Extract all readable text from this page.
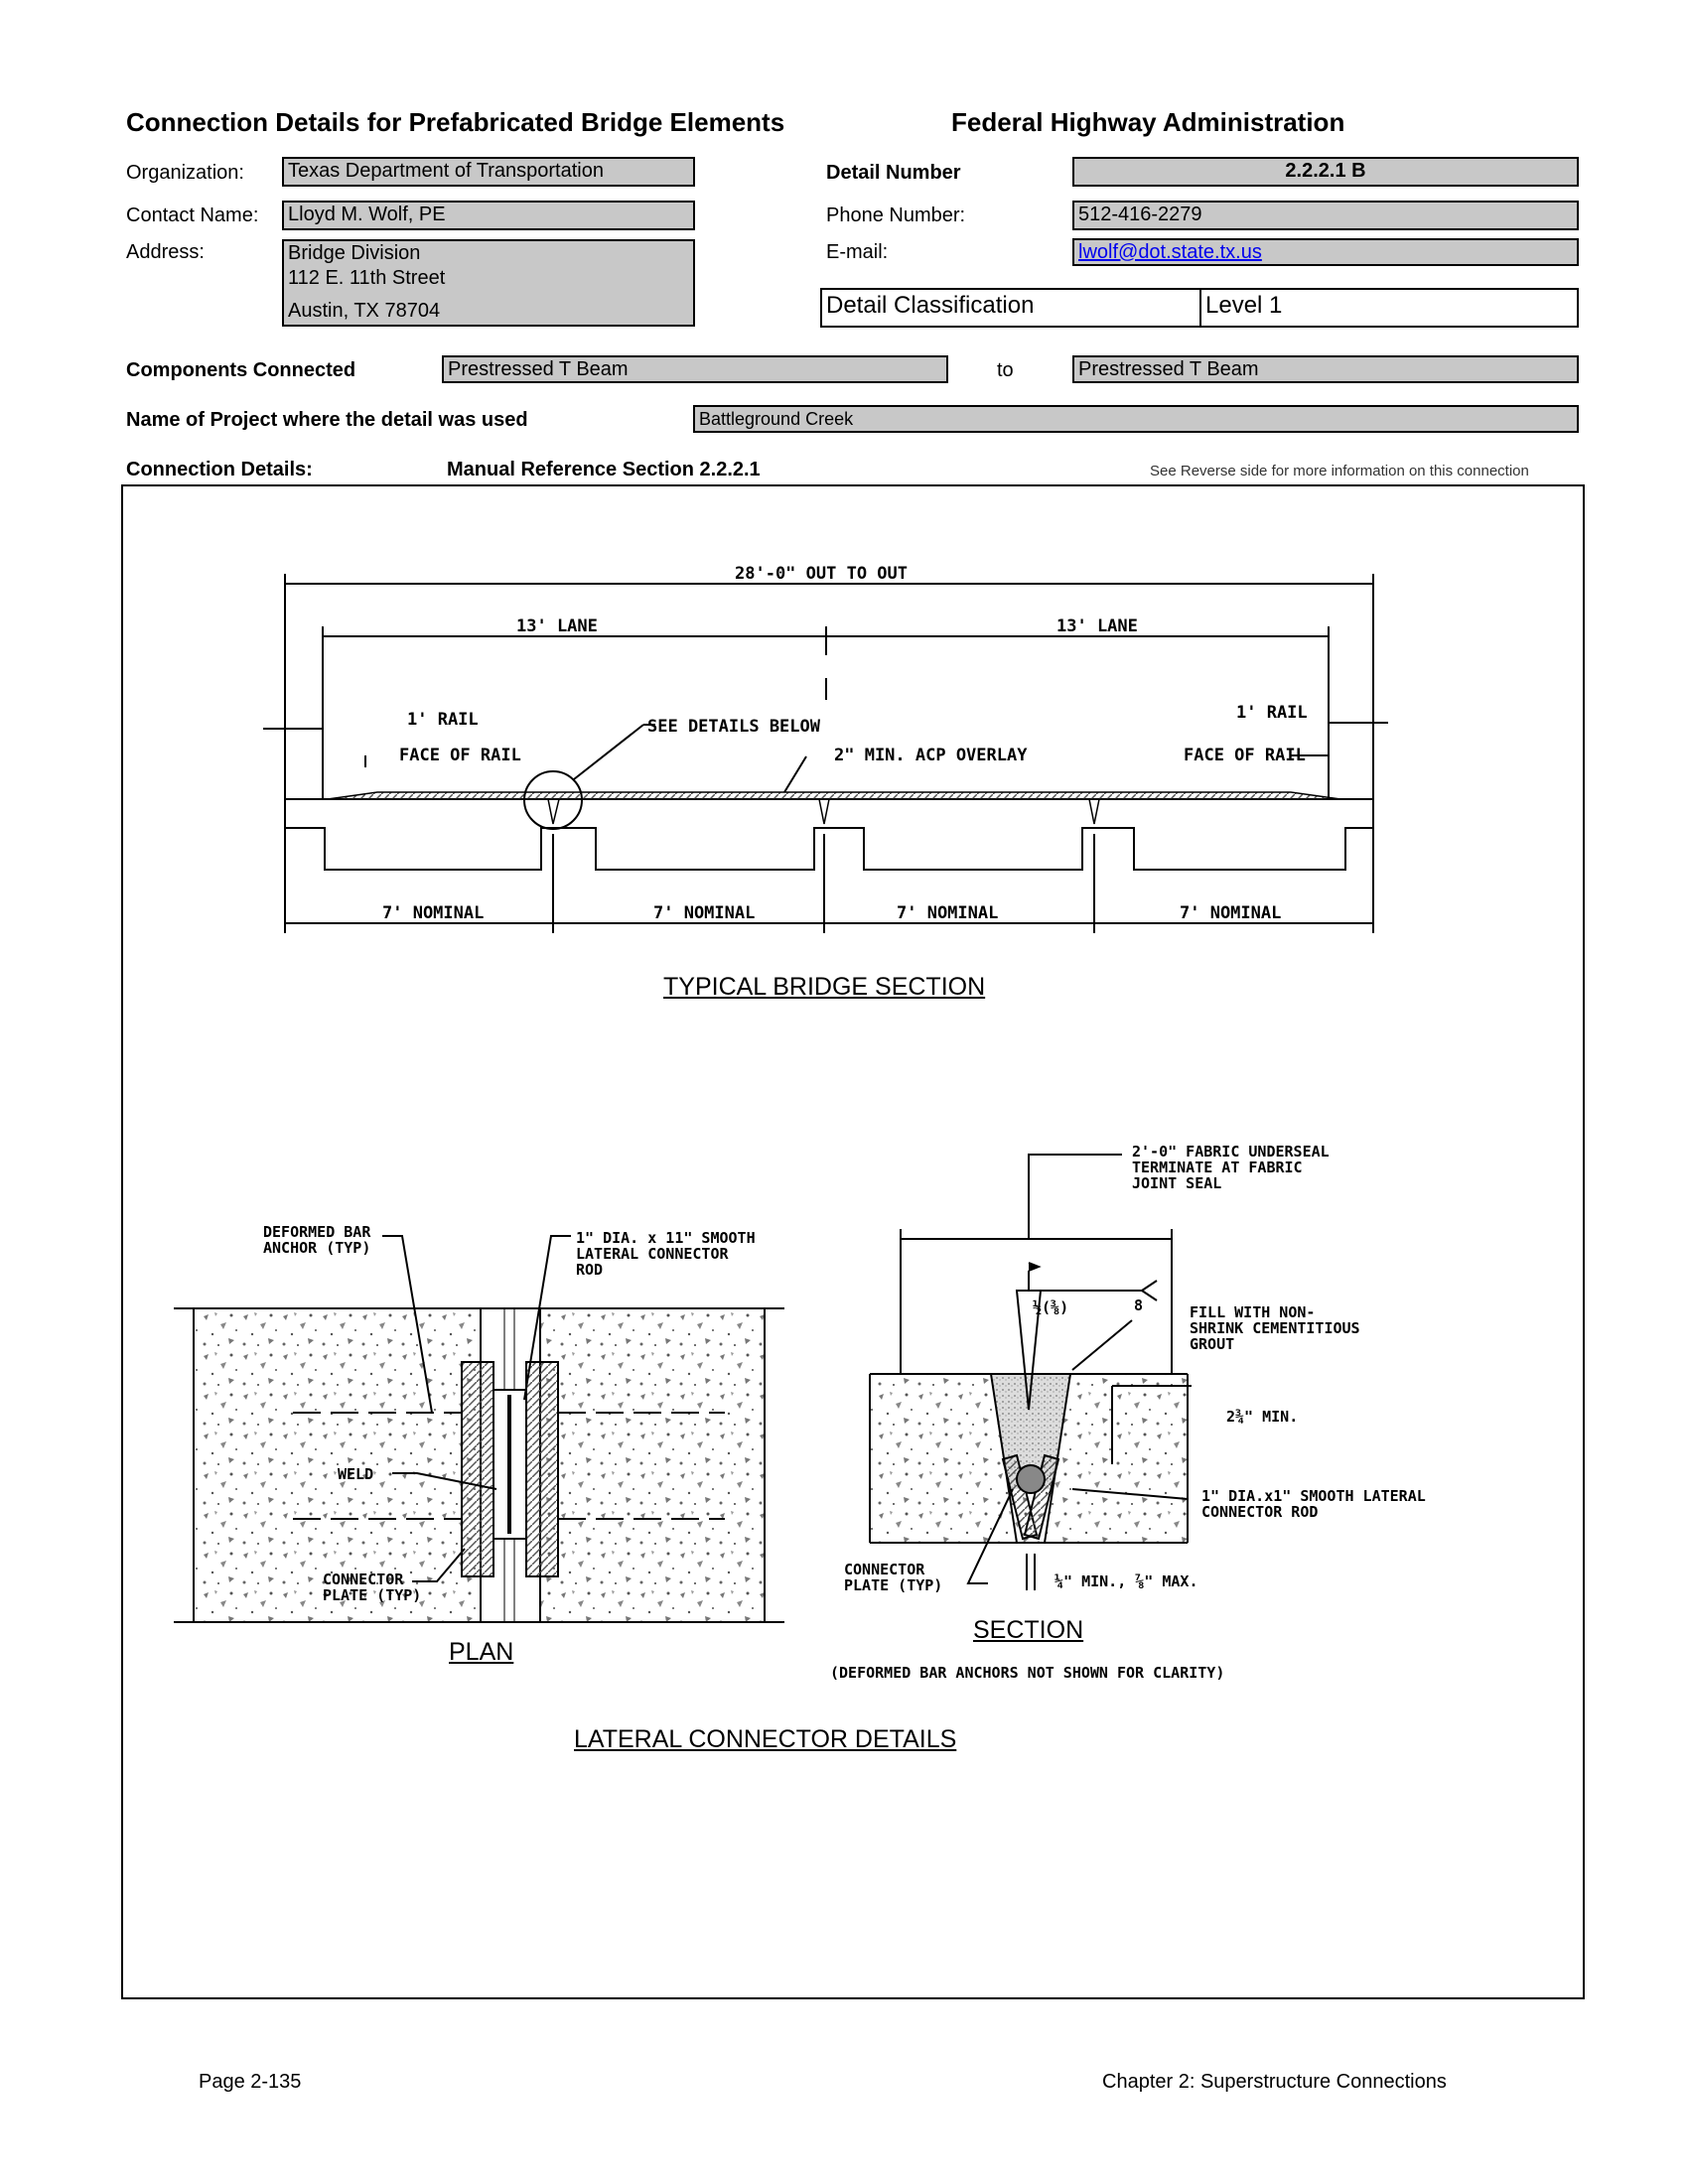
Connection Details for Prefabricated Bridge Elements	Federal Highway Administration
Organization:	Texas Department of Transportation
Contact Name:	Lloyd M. Wolf, PE
Address:	Bridge Division
112 E. 11th Street
Austin, TX 78704
Detail Number	2.2.2.1 B
Phone Number:	512-416-2279
E-mail:	lwolf@dot.state.tx.us
Detail Classification	Level 1
Components Connected	Prestressed T Beam	to	Prestressed T Beam
Name of Project where the detail was used	Battleground Creek
Connection Details:	Manual Reference Section 2.2.2.1	See Reverse side for more information on this connection
28'-0" OUT TO OUT
13' LANE	13' LANE
1' RAIL	1' RAIL
FACE OF RAIL	FACE OF RAIL
SEE DETAILS BELOW
2" MIN. ACP OVERLAY
7' NOMINAL	7' NOMINAL	7' NOMINAL	7' NOMINAL
DEFORMED BAR
ANCHOR (TYP)
1" DIA. x 11" SMOOTH
LATERAL CONNECTOR
ROD
WELD
CONNECTOR
PLATE (TYP)
2'-0" FABRIC UNDERSEAL
TERMINATE AT FABRIC
JOINT SEAL
½(⅜)	8	FILL WITH NON-
SHRINK CEMENTITIOUS
GROUT
2¾" MIN.
1" DIA.x1" SMOOTH LATERAL
CONNECTOR ROD
CONNECTOR
PLATE (TYP)	¼" MIN., ⅞" MAX.
(DEFORMED BAR ANCHORS NOT SHOWN FOR CLARITY)
TYPICAL BRIDGE SECTION
PLAN
SECTION
LATERAL CONNECTOR DETAILS
Page 2-135	Chapter 2: Superstructure Connections
